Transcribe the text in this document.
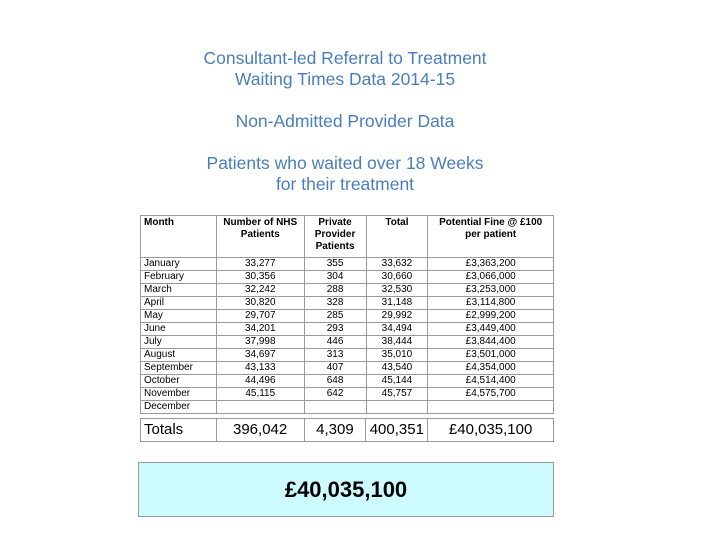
Consultant-led Referral to Treatment
Waiting Times Data 2014-15
Non-Admitted Provider Data
Patients who waited over 18 Weeks
for their treatment
Month	Number of NHS Patients	Private Provider Patients	Total	Potential Fine @ £100 per patient
January	33,277	355	33,632	£3,363,200
February	30,356	304	30,660	£3,066,000
March	32,242	288	32,530	£3,253,000
April	30,820	328	31,148	£3,114,800
May	29,707	285	29,992	£2,999,200
June	34,201	293	34,494	£3,449,400
July	37,998	446	38,444	£3,844,400
August	34,697	313	35,010	£3,501,000
September	43,133	407	43,540	£4,354,000
October	44,496	648	45,144	£4,514,400
November	45,115	642	45,757	£4,575,700
December				
Totals	396,042	4,309	400,351	£40,035,100
£40,035,100
